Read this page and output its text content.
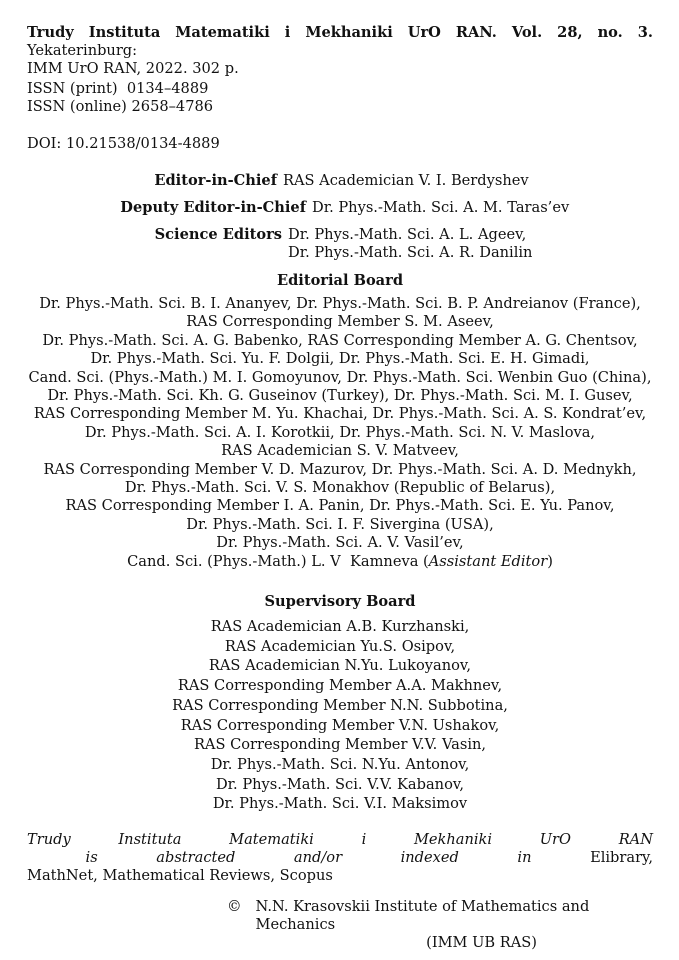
Trudy Instituta Matematiki i Mekhaniki UrO RAN. Vol. 28, no. 3. Yekaterinburg:
IMM UrO RAN, 2022. 302 p.
ISSN (print)  0134–4889
ISSN (online) 2658–4786
DOI: 10.21538/0134-4889
Editor-in-Chief RAS Academician V. I. Berdyshev
Deputy Editor-in-Chief Dr. Phys.-Math. Sci. A. M. Taras’ev
Science Editors Dr. Phys.-Math. Sci. A. L. Ageev,
Dr. Phys.-Math. Sci. A. R. Danilin
Editorial Board
Dr. Phys.-Math. Sci. B. I. Ananyev, Dr. Phys.-Math. Sci. B. P. Andreianov (France),
RAS Corresponding Member S. M. Aseev,
Dr. Phys.-Math. Sci. A. G. Babenko, RAS Corresponding Member A. G. Chentsov,
Dr. Phys.-Math. Sci. Yu. F. Dolgii, Dr. Phys.-Math. Sci. E. H. Gimadi,
Cand. Sci. (Phys.-Math.) M. I. Gomoyunov, Dr. Phys.-Math. Sci. Wenbin Guo (China),
Dr. Phys.-Math. Sci. Kh. G. Guseinov (Turkey), Dr. Phys.-Math. Sci. M. I. Gusev,
RAS Corresponding Member M. Yu. Khachai, Dr. Phys.-Math. Sci. A. S. Kondrat’ev,
Dr. Phys.-Math. Sci. A. I. Korotkii, Dr. Phys.-Math. Sci. N. V. Maslova,
RAS Academician S. V. Matveev,
RAS Corresponding Member V. D. Mazurov, Dr. Phys.-Math. Sci. A. D. Mednykh,
Dr. Phys.-Math. Sci. V. S. Monakhov (Republic of Belarus),
RAS Corresponding Member I. A. Panin, Dr. Phys.-Math. Sci. E. Yu. Panov,
Dr. Phys.-Math. Sci. I. F. Sivergina (USA),
Dr. Phys.-Math. Sci. A. V. Vasil’ev,
Cand. Sci. (Phys.-Math.) L. V  Kamneva (Assistant Editor)
Supervisory Board
RAS Academician A.B. Kurzhanski,
RAS Academician Yu.S. Osipov,
RAS Academician N.Yu. Lukoyanov,
RAS Corresponding Member A.A. Makhnev,
RAS Corresponding Member N.N. Subbotina,
RAS Corresponding Member V.N. Ushakov,
RAS Corresponding Member V.V. Vasin,
Dr. Phys.-Math. Sci. N.Yu. Antonov,
Dr. Phys.-Math. Sci. V.V. Kabanov,
Dr. Phys.-Math. Sci. V.I. Maksimov
Trudy Instituta Matematiki i Mekhaniki UrO RAN is abstracted and/or indexed in Elibrary,
MathNet, Mathematical Reviews, Scopus
© N.N. Krasovskii Institute of Mathematics and Mechanics
(IMM UB RAS)
